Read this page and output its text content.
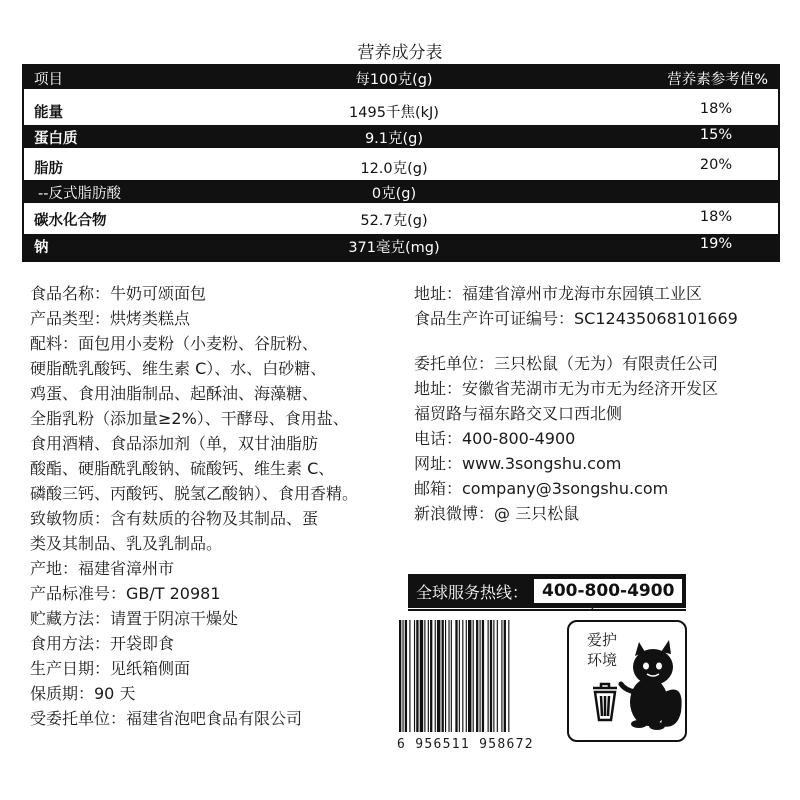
营养成分表
项目	每100克(g)	营养素参考值%
能量	1495千焦(kJ)	18%
蛋白质	9.1克(g)	15%
脂肪	12.0克(g)	20%
--反式脂肪酸	0克(g)
碳水化合物	52.7克(g)	18%
钠	371毫克(mg)	19%
食品名称：牛奶可颂面包
产品类型：烘烤类糕点
配料：面包用小麦粉（小麦粉、谷朊粉、
硬脂酰乳酸钙、维生素 C）、水、白砂糖、
鸡蛋、食用油脂制品、起酥油、海藻糖、
全脂乳粉（添加量≥2%）、干酵母、食用盐、
食用酒精、食品添加剂（单，双甘油脂肪
酸酯、硬脂酰乳酸钠、硫酸钙、维生素 C、
磷酸三钙、丙酸钙、脱氢乙酸钠）、食用香精。
致敏物质：含有麸质的谷物及其制品、蛋
类及其制品、乳及乳制品。
产地：福建省漳州市
产品标准号：GB/T 20981
贮藏方法：请置于阴凉干燥处
食用方法：开袋即食
生产日期：见纸箱侧面
保质期：90 天
受委托单位：福建省泡吧食品有限公司
地址：福建省漳州市龙海市东园镇工业区
食品生产许可证编号：SC12435068101669
委托单位：三只松鼠（无为）有限责任公司
地址：安徽省芜湖市无为市无为经济开发区
福贸路与福东路交叉口西北侧
电话：400-800-4900
网址：www.3songshu.com
邮箱：company@3songshu.com
新浪微博：@ 三只松鼠
全球服务热线： 400-800-4900
⇠
6 956511 958672
爱护
环境
